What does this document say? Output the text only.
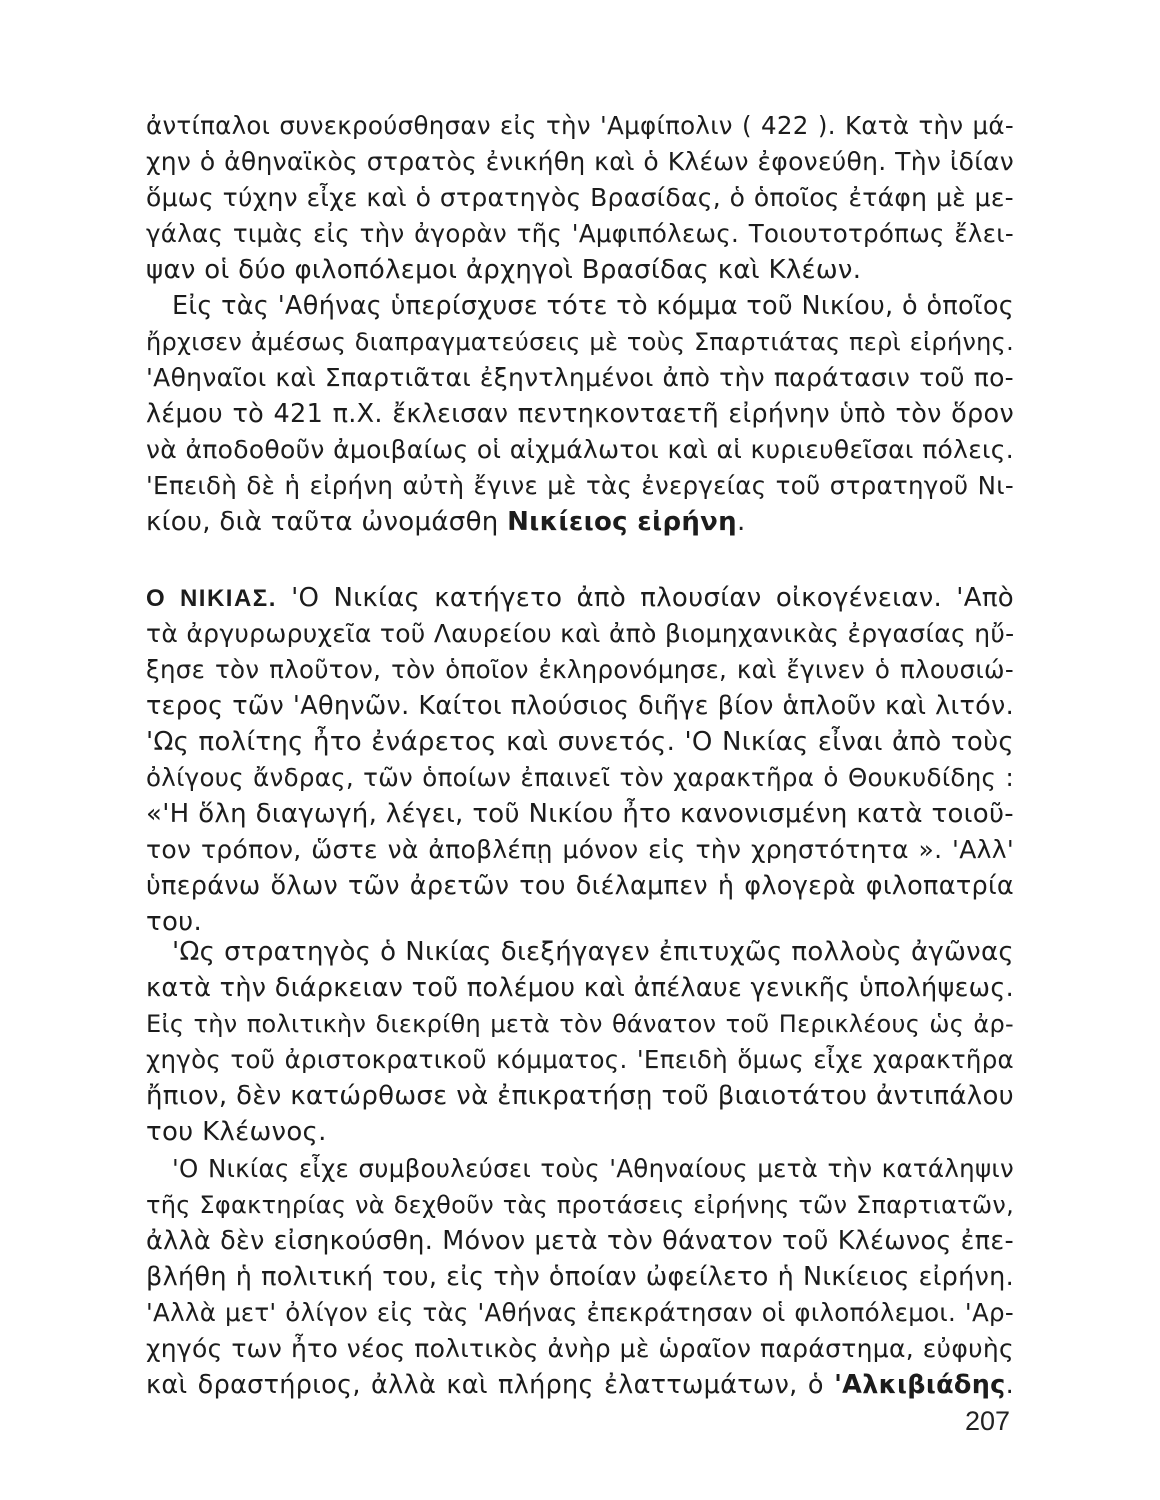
ἀντίπαλοι συνεκρούσθησαν εἰς τὴν 'Αμφίπολιν ( 422 ). Κατὰ τὴν μά-
χην ὁ ἀθηναϊκὸς στρατὸς ἐνικήθη καὶ ὁ Κλέων ἐφονεύθη. Τὴν ἰδίαν
ὅμως τύχην εἶχε καὶ ὁ στρατηγὸς Βρασίδας, ὁ ὁποῖος ἐτάφη μὲ με-
γάλας τιμὰς εἰς τὴν ἀγορὰν τῆς 'Αμφιπόλεως. Τοιουτοτρόπως ἔλει-
ψαν οἱ δύο φιλοπόλεμοι ἀρχηγοὶ Βρασίδας καὶ Κλέων.
Εἰς τὰς 'Αθήνας ὑπερίσχυσε τότε τὸ κόμμα τοῦ Νικίου, ὁ ὁποῖος
ἤρχισεν ἀμέσως διαπραγματεύσεις μὲ τοὺς Σπαρτιάτας περὶ εἰρήνης.
'Αθηναῖοι καὶ Σπαρτιᾶται ἐξηντλημένοι ἀπὸ τὴν παράτασιν τοῦ πο-
λέμου τὸ 421 π.Χ. ἔκλεισαν πεντηκονταετῆ εἰρήνην ὑπὸ τὸν ὅρον
νὰ ἀποδοθοῦν ἀμοιβαίως οἱ αἰχμάλωτοι καὶ αἱ κυριευθεῖσαι πόλεις.
'Επειδὴ δὲ ἡ εἰρήνη αὐτὴ ἔγινε μὲ τὰς ἐνεργείας τοῦ στρατηγοῦ Νι-
κίου, διὰ ταῦτα ὠνομάσθη Νικίειος εἰρήνη.
Ο ΝΙΚΙΑΣ. 'Ο Νικίας κατήγετο ἀπὸ πλουσίαν οἰκογένειαν. 'Απὸ
τὰ ἀργυρωρυχεῖα τοῦ Λαυρείου καὶ ἀπὸ βιομηχανικὰς ἐργασίας ηὔ-
ξησε τὸν πλοῦτον, τὸν ὁποῖον ἐκληρονόμησε, καὶ ἔγινεν ὁ πλουσιώ-
τερος τῶν 'Αθηνῶν. Καίτοι πλούσιος διῆγε βίον ἁπλοῦν καὶ λιτόν.
'Ως πολίτης ἦτο ἐνάρετος καὶ συνετός. 'Ο Νικίας εἶναι ἀπὸ τοὺς
ὀλίγους ἄνδρας, τῶν ὁποίων ἐπαινεῖ τὸν χαρακτῆρα ὁ Θουκυδίδης :
«'Η ὅλη διαγωγή, λέγει, τοῦ Νικίου ἦτο κανονισμένη κατὰ τοιοῦ-
τον τρόπον, ὥστε νὰ ἀποβλέπῃ μόνον εἰς τὴν χρηστότητα ». 'Αλλ'
ὑπεράνω ὅλων τῶν ἀρετῶν του διέλαμπεν ἡ φλογερὰ φιλοπατρία
του.
'Ως στρατηγὸς ὁ Νικίας διεξήγαγεν ἐπιτυχῶς πολλοὺς ἀγῶνας
κατὰ τὴν διάρκειαν τοῦ πολέμου καὶ ἀπέλαυε γενικῆς ὑπολήψεως.
Εἰς τὴν πολιτικὴν διεκρίθη μετὰ τὸν θάνατον τοῦ Περικλέους ὡς ἀρ-
χηγὸς τοῦ ἀριστοκρατικοῦ κόμματος. 'Επειδὴ ὅμως εἶχε χαρακτῆρα
ἤπιον, δὲν κατώρθωσε νὰ ἐπικρατήσῃ τοῦ βιαιοτάτου ἀντιπάλου
του Κλέωνος.
'Ο Νικίας εἶχε συμβουλεύσει τοὺς 'Αθηναίους μετὰ τὴν κατάληψιν
τῆς Σφακτηρίας νὰ δεχθοῦν τὰς προτάσεις εἰρήνης τῶν Σπαρτιατῶν,
ἀλλὰ δὲν εἰσηκούσθη. Μόνον μετὰ τὸν θάνατον τοῦ Κλέωνος ἐπε-
βλήθη ἡ πολιτική του, εἰς τὴν ὁποίαν ὠφείλετο ἡ Νικίειος εἰρήνη.
'Αλλὰ μετ' ὀλίγον εἰς τὰς 'Αθήνας ἐπεκράτησαν οἱ φιλοπόλεμοι. 'Αρ-
χηγός των ἦτο νέος πολιτικὸς ἀνὴρ μὲ ὡραῖον παράστημα, εὐφυὴς
καὶ δραστήριος, ἀλλὰ καὶ πλήρης ἐλαττωμάτων, ὁ 'Αλκιβιάδης.
207
